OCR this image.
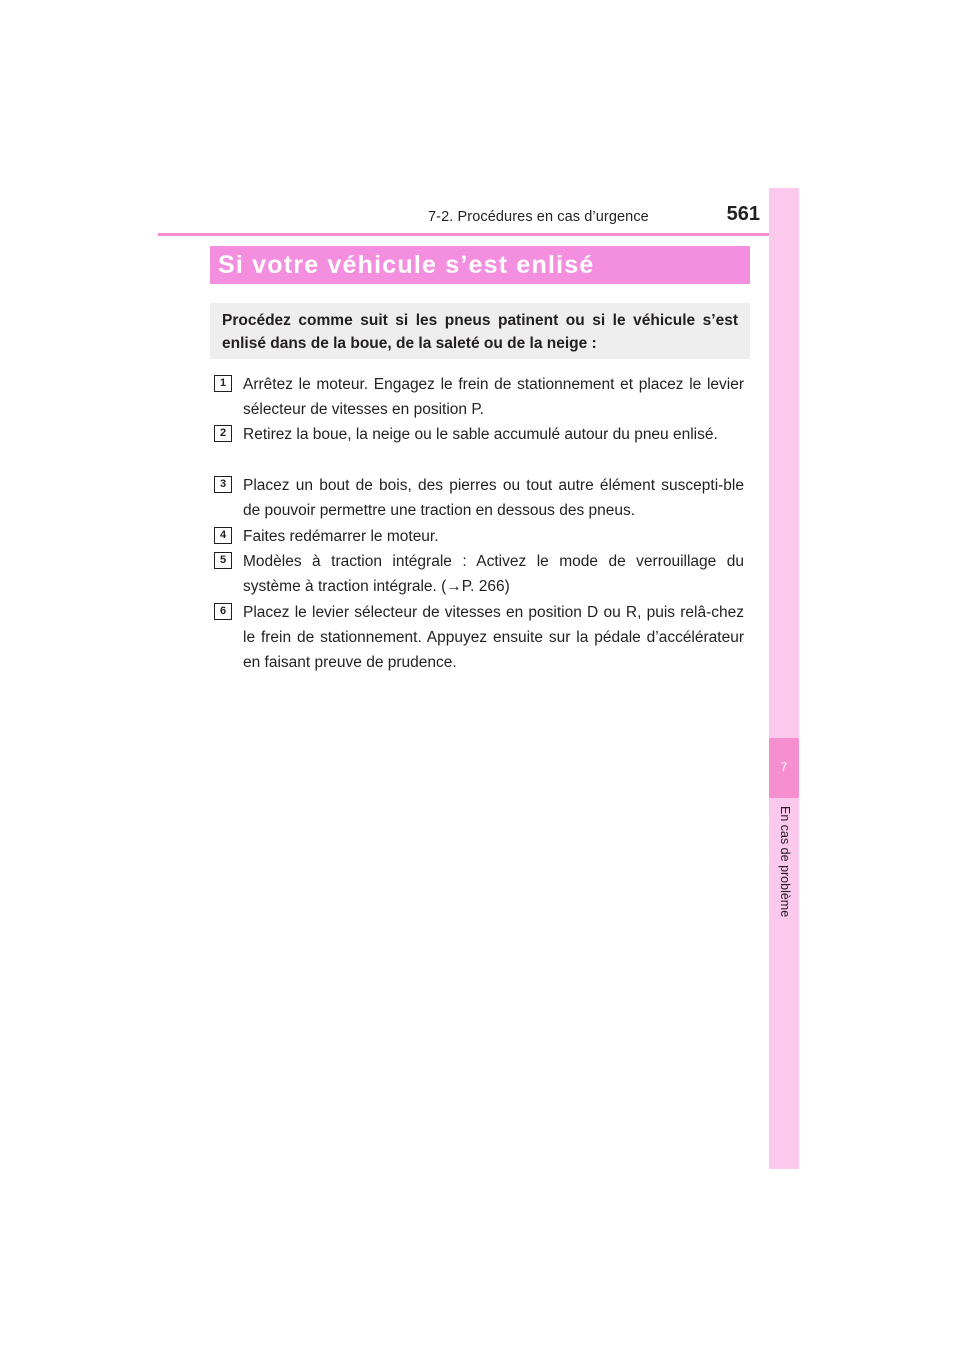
7-2. Procédures en cas d’urgence	561
7
En cas de problème
Si votre véhicule s’est enlisé

Procédez comme suit si les pneus patinent ou si le véhicule s’est enlisé dans de la boue, de la saleté ou de la neige :

1	Arrêtez le moteur. Engagez le frein de stationnement et placez le levier sélecteur de vitesses en position P.

2	Retirez la boue, la neige ou le sable accumulé autour du pneu enlisé.

3	Placez un bout de bois, des pierres ou tout autre élément suscepti-ble de pouvoir permettre une traction en dessous des pneus.

4	Faites redémarrer le moteur.

5	Modèles à traction intégrale : Activez le mode de verrouillage du système à traction intégrale. (→P. 266)

6	Placez le levier sélecteur de vitesses en position D ou R, puis relâ-chez le frein de stationnement. Appuyez ensuite sur la pédale d’accélérateur en faisant preuve de prudence.
